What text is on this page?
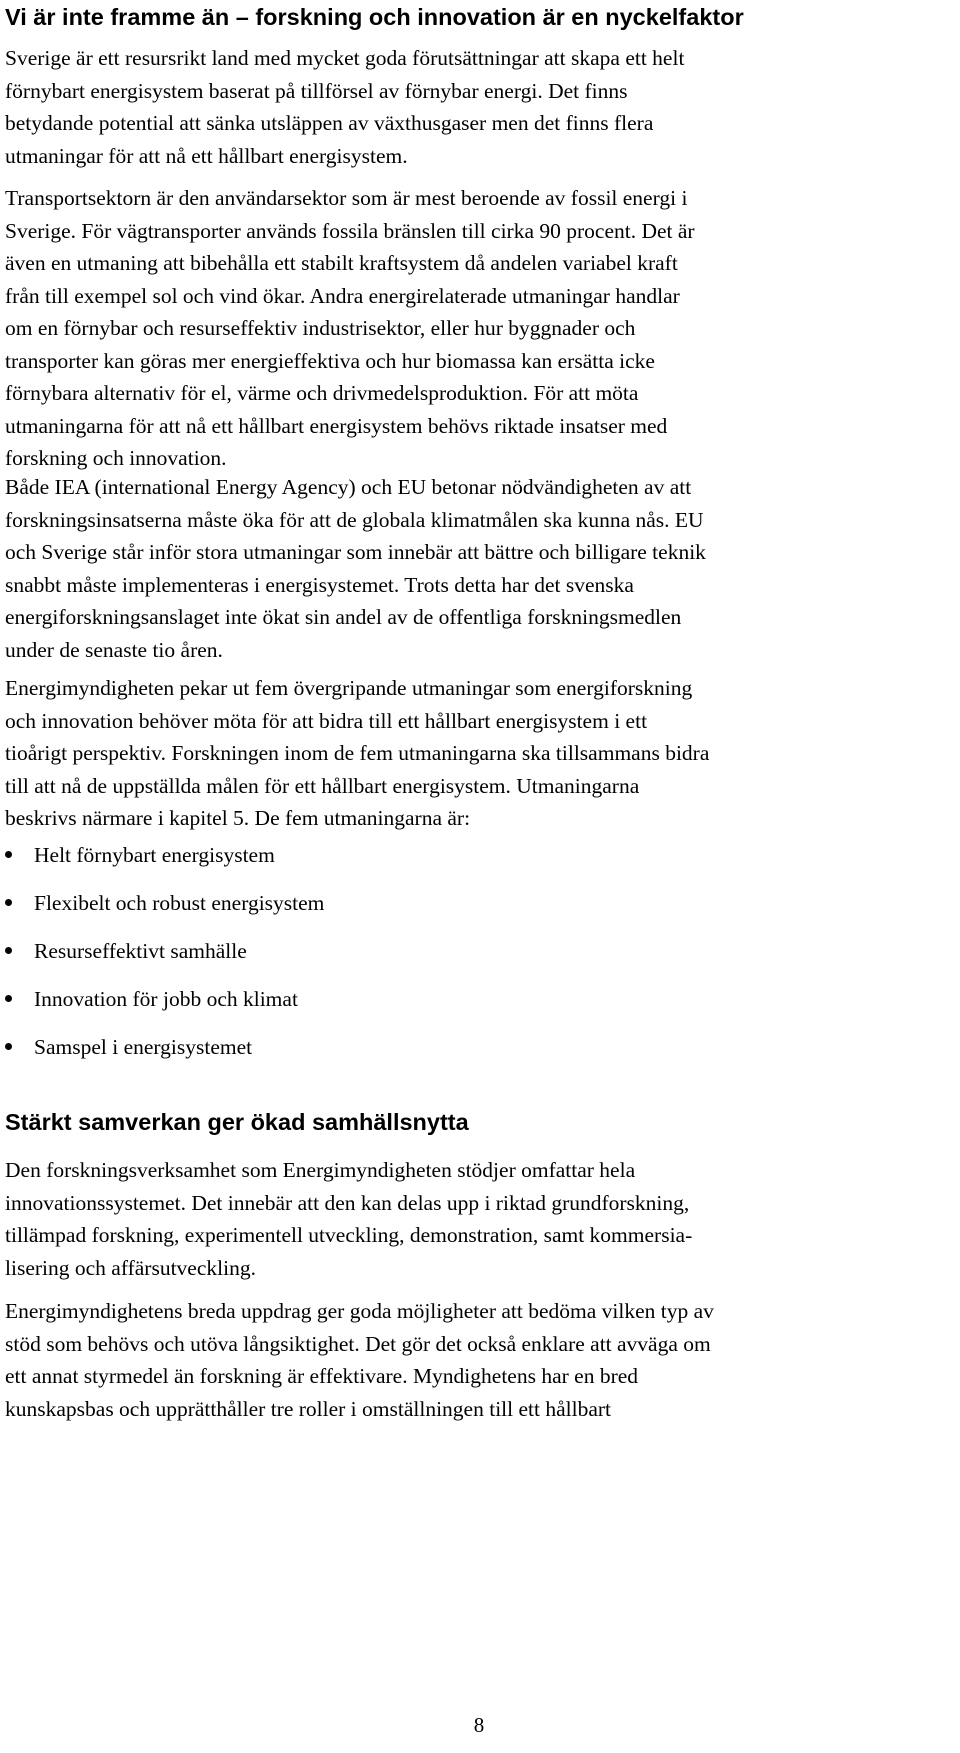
Vi är inte framme än – forskning och innovation är en nyckelfaktor
Sverige är ett resursrikt land med mycket goda förutsättningar att skapa ett helt
förnybart energisystem baserat på tillförsel av förnybar energi. Det finns
betydande potential att sänka utsläppen av växthusgaser men det finns flera
utmaningar för att nå ett hållbart energisystem.
Transportsektorn är den användarsektor som är mest beroende av fossil energi i
Sverige. För vägtransporter används fossila bränslen till cirka 90 procent. Det är
även en utmaning att bibehålla ett stabilt kraftsystem då andelen variabel kraft
från till exempel sol och vind ökar. Andra energirelaterade utmaningar handlar
om en förnybar och resurseffektiv industrisektor, eller hur byggnader och
transporter kan göras mer energieffektiva och hur biomassa kan ersätta icke
förnybara alternativ för el, värme och drivmedelsproduktion. För att möta
utmaningarna för att nå ett hållbart energisystem behövs riktade insatser med
forskning och innovation.
Både IEA (international Energy Agency) och EU betonar nödvändigheten av att
forskningsinsatserna måste öka för att de globala klimatmålen ska kunna nås. EU
och Sverige står inför stora utmaningar som innebär att bättre och billigare teknik
snabbt måste implementeras i energisystemet. Trots detta har det svenska
energiforskningsanslaget inte ökat sin andel av de offentliga forskningsmedlen
under de senaste tio åren.
Energimyndigheten pekar ut fem övergripande utmaningar som energiforskning
och innovation behöver möta för att bidra till ett hållbart energisystem i ett
tioårigt perspektiv. Forskningen inom de fem utmaningarna ska tillsammans bidra
till att nå de uppställda målen för ett hållbart energisystem. Utmaningarna
beskrivs närmare i kapitel 5. De fem utmaningarna är:
Helt förnybart energisystem
Flexibelt och robust energisystem
Resurseffektivt samhälle
Innovation för jobb och klimat
Samspel i energisystemet
Stärkt samverkan ger ökad samhällsnytta
Den forskningsverksamhet som Energimyndigheten stödjer omfattar hela
innovationssystemet. Det innebär att den kan delas upp i riktad grundforskning,
tillämpad forskning, experimentell utveckling, demonstration, samt kommersia-
lisering och affärsutveckling.
Energimyndighetens breda uppdrag ger goda möjligheter att bedöma vilken typ av
stöd som behövs och utöva långsiktighet. Det gör det också enklare att avväga om
ett annat styrmedel än forskning är effektivare. Myndighetens har en bred
kunskapsbas och upprätthåller tre roller i omställningen till ett hållbart
8
